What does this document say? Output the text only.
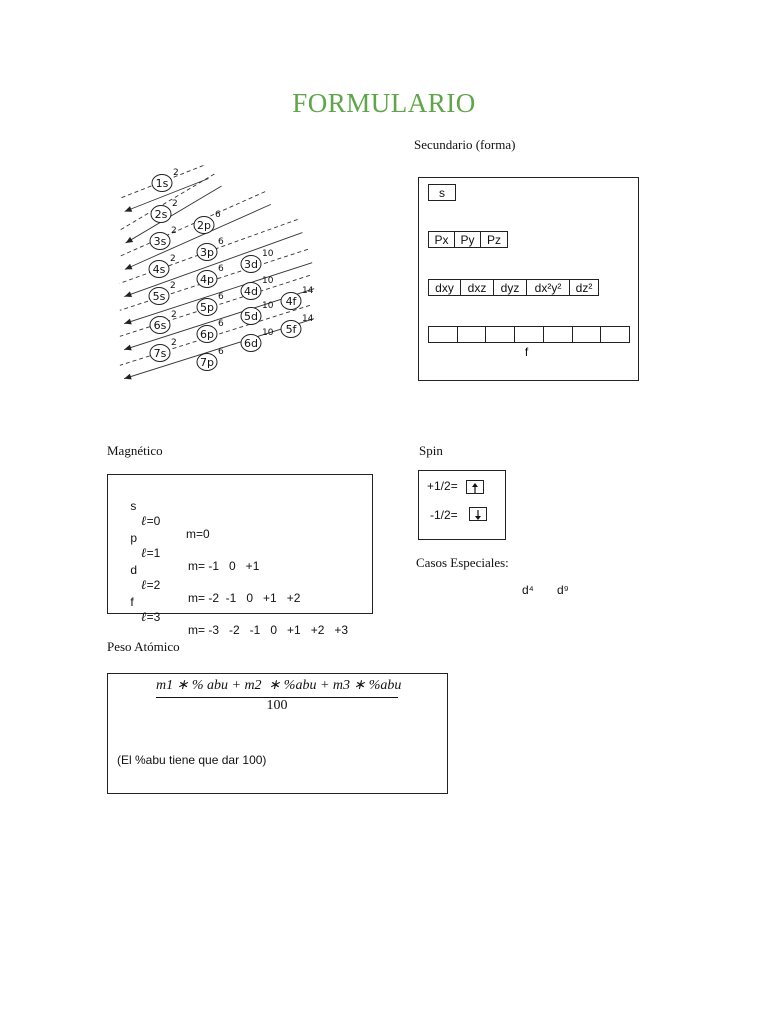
FORMULARIO
1s
2
2s
2
2p
6
3s
2
3p
6
3d
10
4s
2
4p
6
4d
10
4f
14
5s
2
5p
6
5d
10
5f
14
6s
2
6p
6
6d
10
7s
2
7p
6
Secundario (forma)
s
Px Py	Pz
dxy	dxz	dyz	dx²y²	dz²
f
Magnético

s

ℓ=0

m=0

p

ℓ=1

m= -1   0   +1

d

ℓ=2

m= -2  -1   0   +1   +2

f

ℓ=3

m= -3   -2   -1   0   +1   +2   +3

Spin
+1/2=
-1/2=
Casos Especiales:
d⁴ d⁹
Peso Atómico
m1 ∗ % abu + m2  ∗ %abu + m3 ∗ %abu
100
(El %abu tiene que dar 100)
